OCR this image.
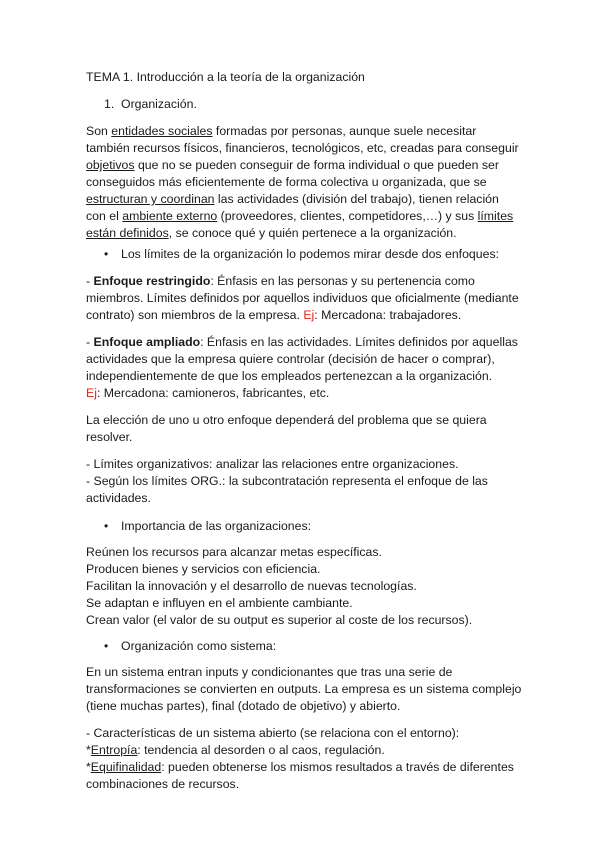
TEMA 1. Introducción a la teoría de la organización
1. Organización.
Son entidades sociales formadas por personas, aunque suele necesitar
también recursos físicos, financieros, tecnológicos, etc, creadas para conseguir
objetivos que no se pueden conseguir de forma individual o que pueden ser
conseguidos más eficientemente de forma colectiva u organizada, que se
estructuran y coordinan las actividades (división del trabajo), tienen relación
con el ambiente externo (proveedores, clientes, competidores,…) y sus límites
están definidos, se conoce qué y quién pertenece a la organización.
• Los límites de la organización lo podemos mirar desde dos enfoques:
- Enfoque restringido: Énfasis en las personas y su pertenencia como
miembros. Límites definidos por aquellos individuos que oficialmente (mediante
contrato) son miembros de la empresa. Ej: Mercadona: trabajadores.
- Enfoque ampliado: Énfasis en las actividades. Límites definidos por aquellas
actividades que la empresa quiere controlar (decisión de hacer o comprar),
independientemente de que los empleados pertenezcan a la organización.
Ej: Mercadona: camioneros, fabricantes, etc.
La elección de uno u otro enfoque dependerá del problema que se quiera
resolver.
- Límites organizativos: analizar las relaciones entre organizaciones.
- Según los límites ORG.: la subcontratación representa el enfoque de las
actividades.
• Importancia de las organizaciones:
Reúnen los recursos para alcanzar metas específicas.
Producen bienes y servicios con eficiencia.
Facilitan la innovación y el desarrollo de nuevas tecnologías.
Se adaptan e influyen en el ambiente cambiante.
Crean valor (el valor de su output es superior al coste de los recursos).
• Organización como sistema:
En un sistema entran inputs y condicionantes que tras una serie de
transformaciones se convierten en outputs. La empresa es un sistema complejo
(tiene muchas partes), final (dotado de objetivo) y abierto.
- Características de un sistema abierto (se relaciona con el entorno):
*Entropía: tendencia al desorden o al caos, regulación.
*Equifinalidad: pueden obtenerse los mismos resultados a través de diferentes
combinaciones de recursos.
